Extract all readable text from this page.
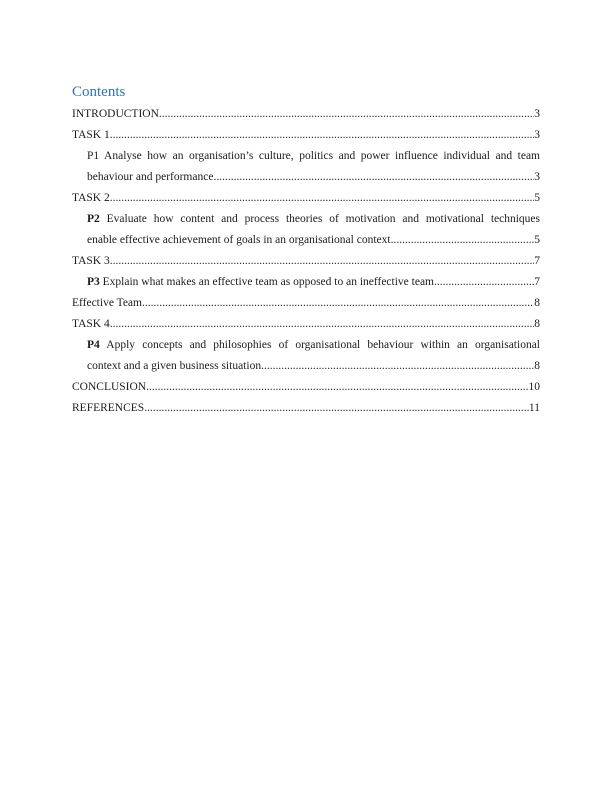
Contents
INTRODUCTION .....	3
TASK 1 .....	3
P1 Analyse how an organisation’s culture, politics and power influence individual and team
behaviour and performance .....	3
TASK 2 .....	5
P2 Evaluate how content and process theories of motivation and motivational techniques
enable effective achievement of goals in an organisational context .....	5
TASK 3 .....	7
P3 Explain what makes an effective team as opposed to an ineffective team .....	7
Effective Team .....	8
TASK 4 .....	8
P4 Apply concepts and philosophies of organisational behaviour within an organisational
context and a given business situation .....	8
CONCLUSION .....	10
REFERENCES .....	11
